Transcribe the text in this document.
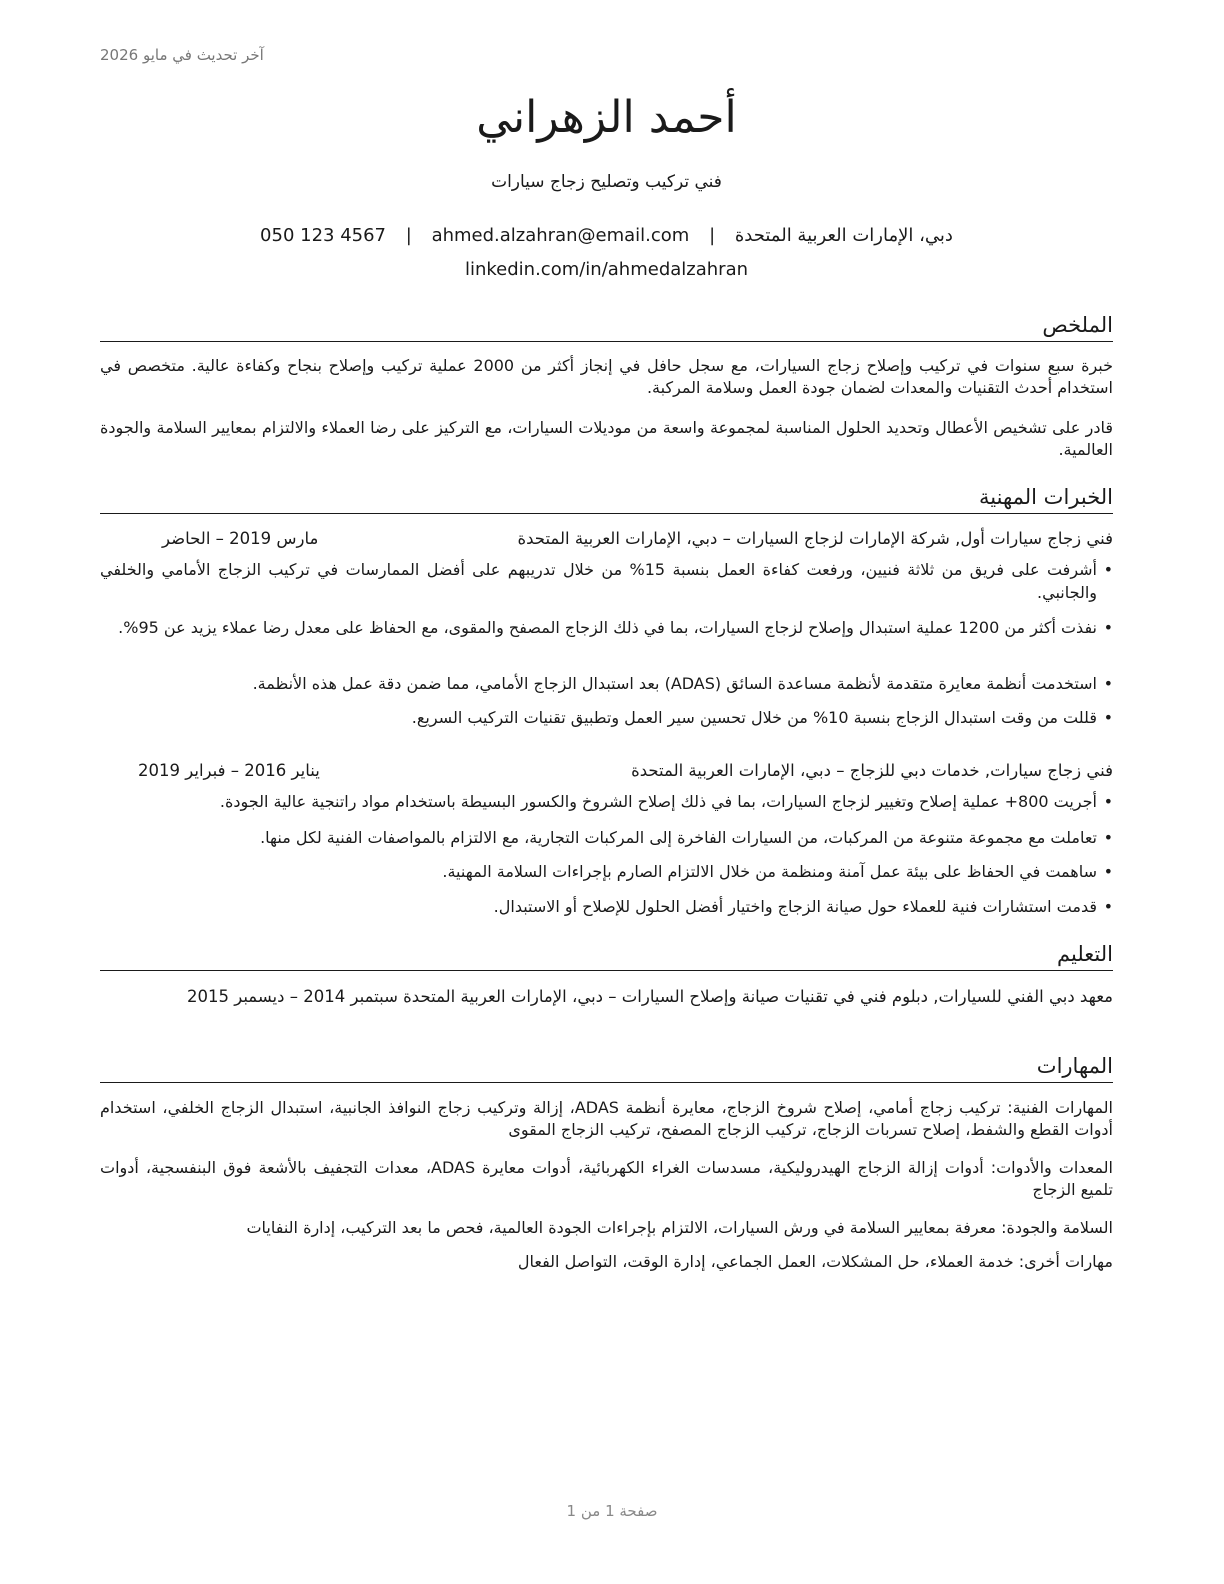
آخر تحديث في مايو 2026
أحمد الزهراني
فني تركيب وتصليح زجاج سيارات
دبي، الإمارات العربية المتحدة | ahmed.alzahran@email.com | 050 123 4567
linkedin.com/in/ahmedalzahran
الملخص
خبرة سبع سنوات في تركيب وإصلاح زجاج السيارات، مع سجل حافل في إنجاز أكثر من 2000 عملية تركيب وإصلاح بنجاح وكفاءة عالية. متخصص في استخدام أحدث التقنيات والمعدات لضمان جودة العمل وسلامة المركبة.
قادر على تشخيص الأعطال وتحديد الحلول المناسبة لمجموعة واسعة من موديلات السيارات، مع التركيز على رضا العملاء والالتزام بمعايير السلامة والجودة العالمية.
الخبرات المهنية
فني زجاج سيارات أول, شركة الإمارات لزجاج السيارات – دبي، الإمارات العربية المتحدة
مارس 2019 – الحاضر
• أشرفت على فريق من ثلاثة فنيين، ورفعت كفاءة العمل بنسبة 15% من خلال تدريبهم على أفضل الممارسات في تركيب الزجاج الأمامي والخلفي والجانبي.
• نفذت أكثر من 1200 عملية استبدال وإصلاح لزجاج السيارات، بما في ذلك الزجاج المصفح والمقوى، مع الحفاظ على معدل رضا عملاء يزيد عن 95%.
• استخدمت أنظمة معايرة متقدمة لأنظمة مساعدة السائق (ADAS) بعد استبدال الزجاج الأمامي، مما ضمن دقة عمل هذه الأنظمة.
• قللت من وقت استبدال الزجاج بنسبة 10% من خلال تحسين سير العمل وتطبيق تقنيات التركيب السريع.
فني زجاج سيارات, خدمات دبي للزجاج – دبي، الإمارات العربية المتحدة
يناير 2016 – فبراير 2019
• أجريت 800+ عملية إصلاح وتغيير لزجاج السيارات، بما في ذلك إصلاح الشروخ والكسور البسيطة باستخدام مواد راتنجية عالية الجودة.
• تعاملت مع مجموعة متنوعة من المركبات، من السيارات الفاخرة إلى المركبات التجارية، مع الالتزام بالمواصفات الفنية لكل منها.
• ساهمت في الحفاظ على بيئة عمل آمنة ومنظمة من خلال الالتزام الصارم بإجراءات السلامة المهنية.
• قدمت استشارات فنية للعملاء حول صيانة الزجاج واختيار أفضل الحلول للإصلاح أو الاستبدال.
التعليم
معهد دبي الفني للسيارات, دبلوم فني في تقنيات صيانة وإصلاح السيارات – دبي، الإمارات العربية المتحدة سبتمبر 2014 – ديسمبر 2015
المهارات
المهارات الفنية: تركيب زجاج أمامي، إصلاح شروخ الزجاج، معايرة أنظمة ADAS، إزالة وتركيب زجاج النوافذ الجانبية، استبدال الزجاج الخلفي، استخدام أدوات القطع والشفط، إصلاح تسربات الزجاج، تركيب الزجاج المصفح، تركيب الزجاج المقوى
المعدات والأدوات: أدوات إزالة الزجاج الهيدروليكية، مسدسات الغراء الكهربائية، أدوات معايرة ADAS، معدات التجفيف بالأشعة فوق البنفسجية، أدوات تلميع الزجاج
السلامة والجودة: معرفة بمعايير السلامة في ورش السيارات، الالتزام بإجراءات الجودة العالمية، فحص ما بعد التركيب، إدارة النفايات
مهارات أخرى: خدمة العملاء، حل المشكلات، العمل الجماعي، إدارة الوقت، التواصل الفعال
صفحة 1 من 1
